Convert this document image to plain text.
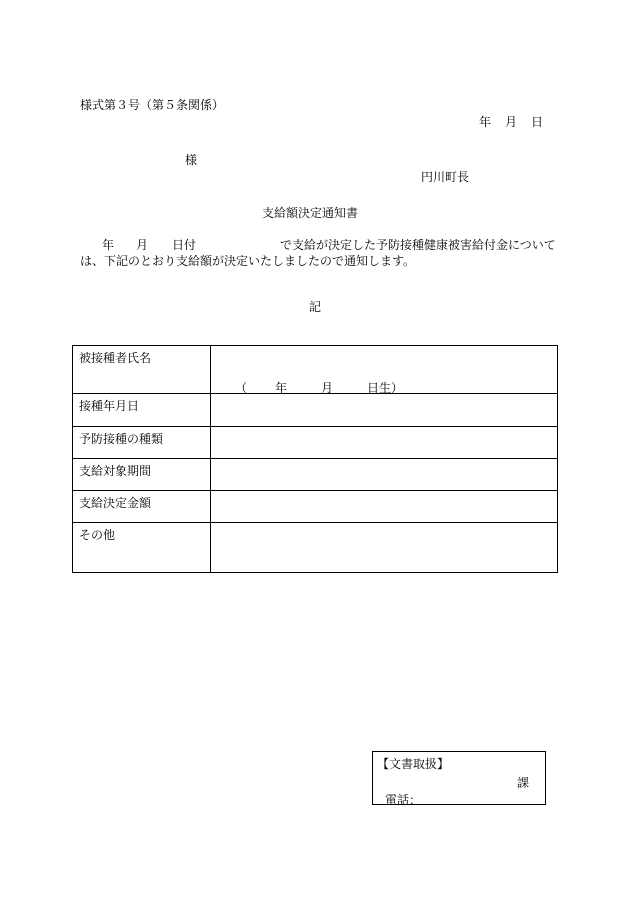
様式第３号（第５条関係）
年 月 日
様
円川町長
支給額決定通知書
年 月 日付	で支給が決定した予防接種健康被害給付金について
は、下記のとおり支給額が決定いたしましたので通知します。
記
被接種者氏名	（ 年 月 日生）

接種年月日	
予防接種の種類	
支給対象期間	
支給決定金額	
その他	
【文書取扱】
課
電話：
